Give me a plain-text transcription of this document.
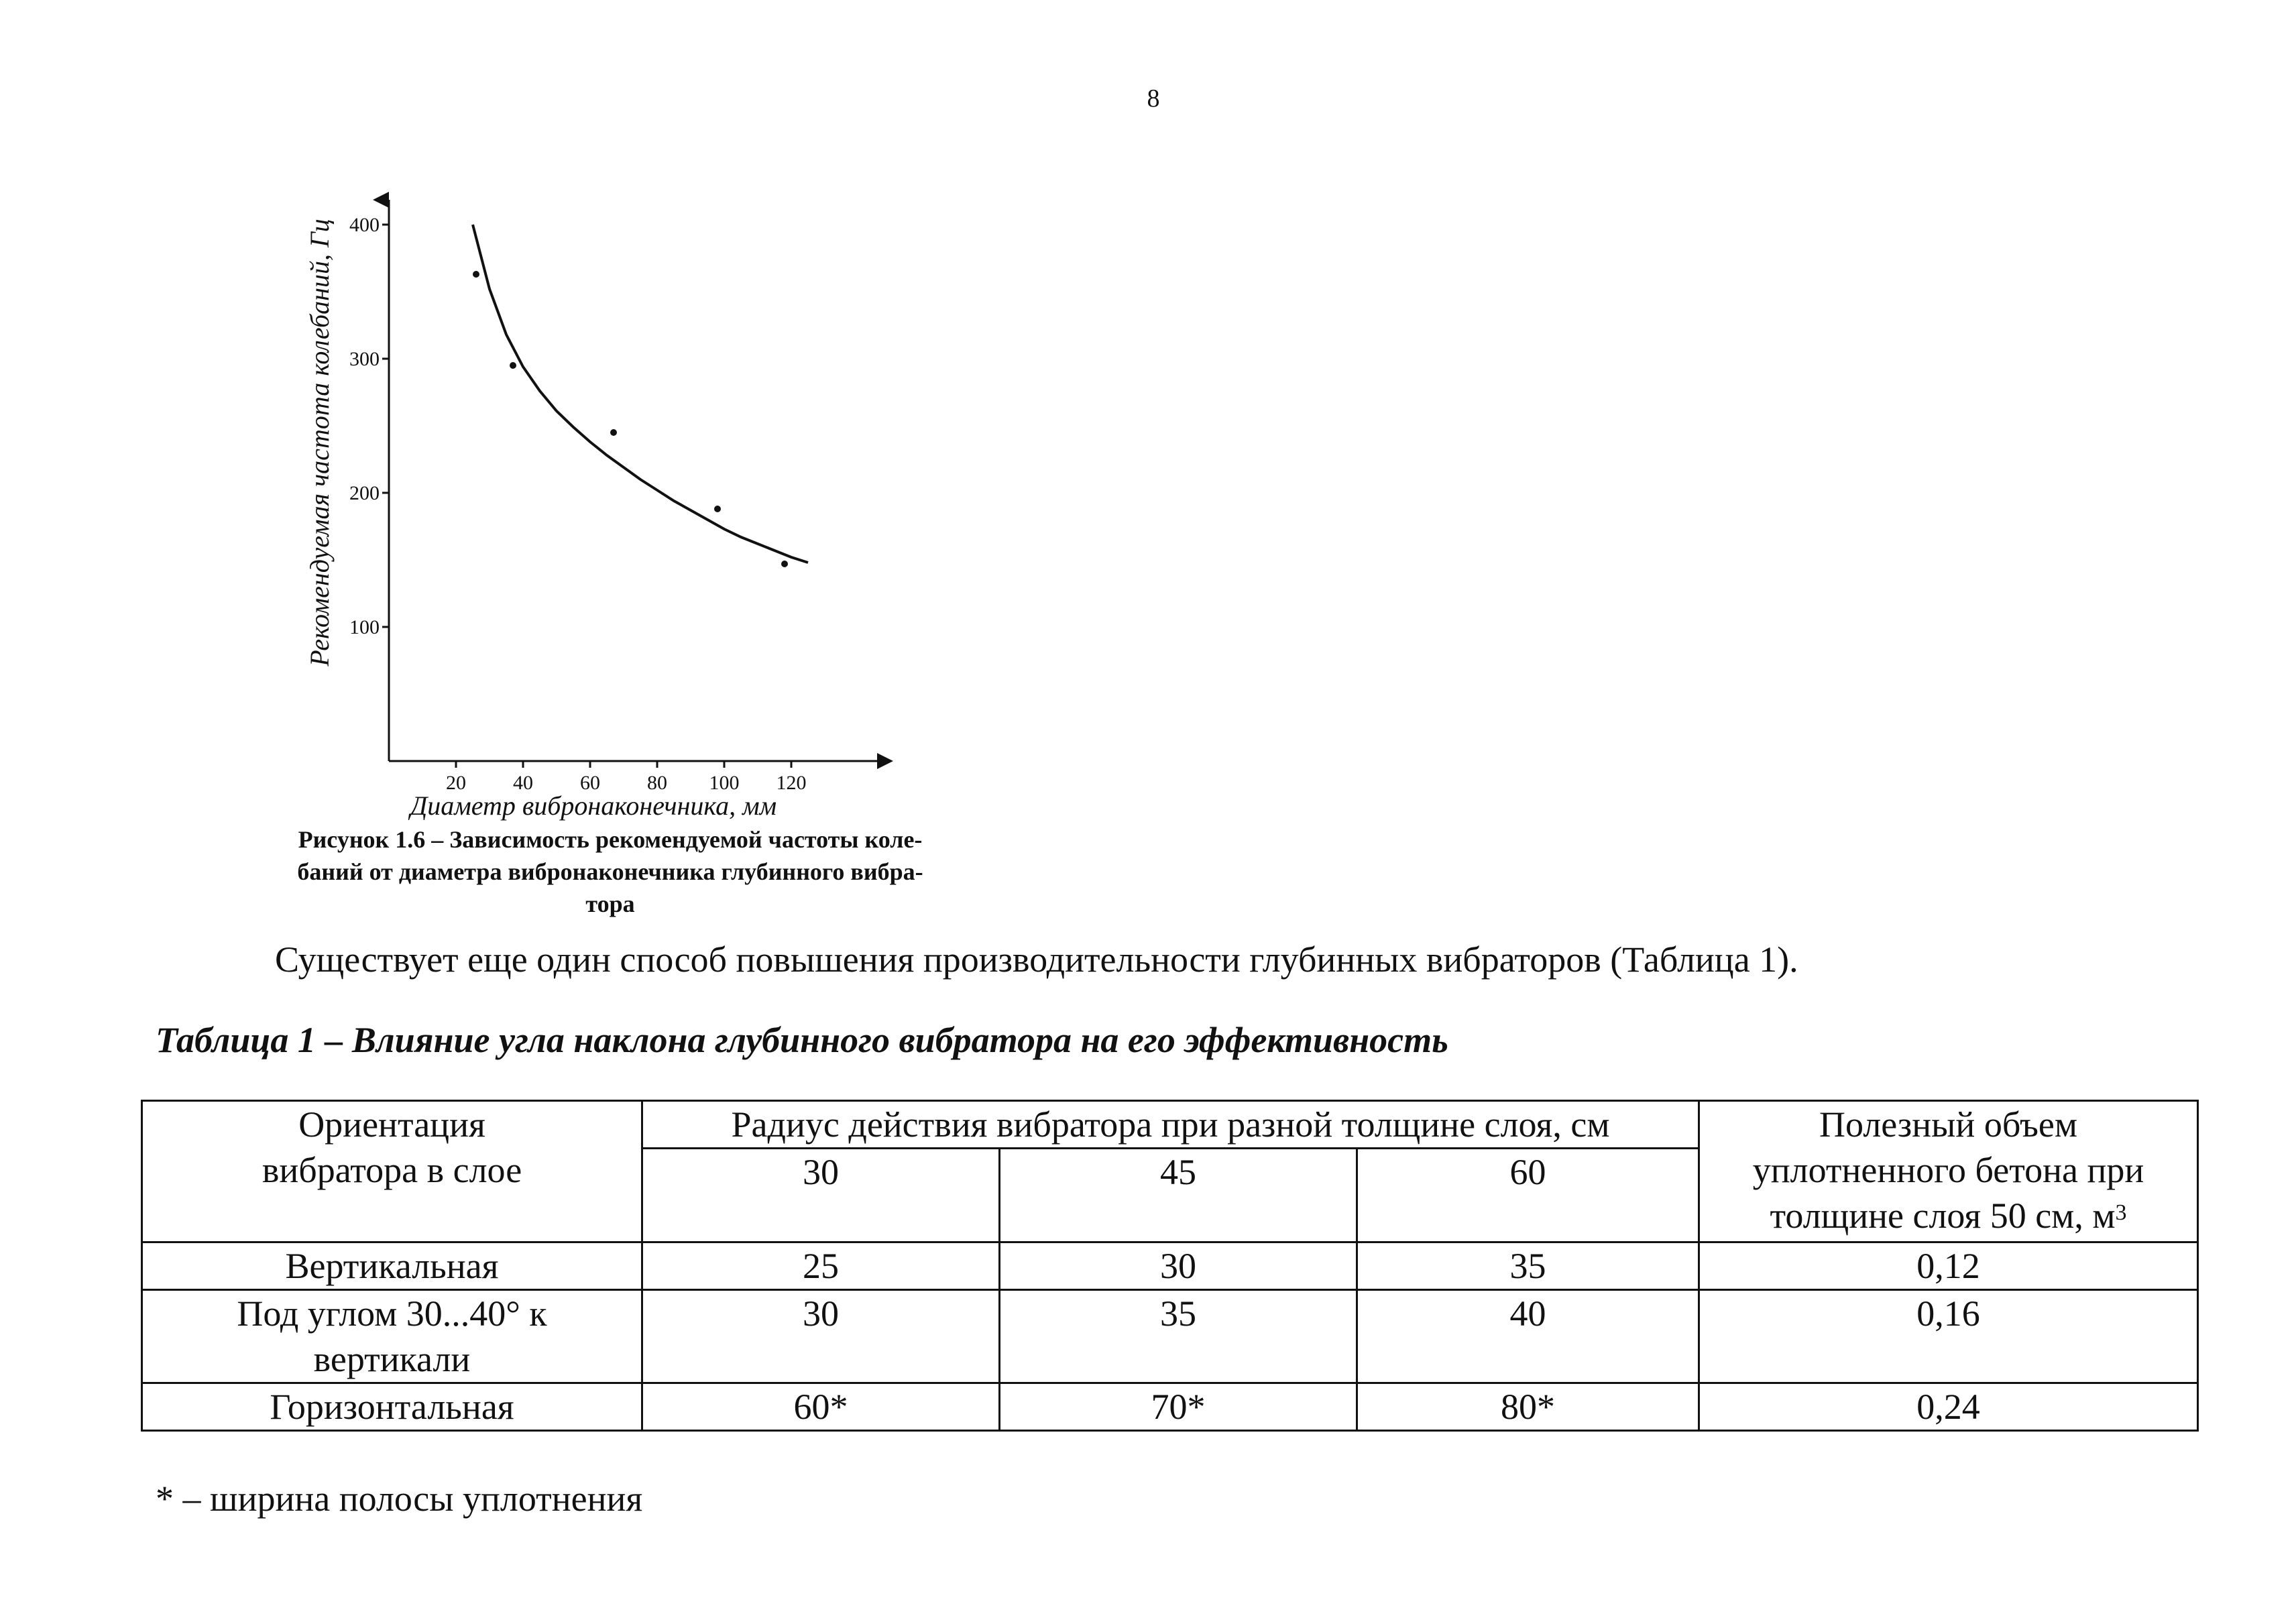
8
100
200
300
400
20 40 60 80 100 120
Рекомендуемая частота колебаний, Гц
Диаметр вибронаконечника, мм
Рисунок 1.6 – Зависимость рекомендуемой частоты коле-
баний от диаметра вибронаконечника глубинного вибра-
тора
Существует еще один способ повышения производительности глубинных вибраторов (Таблица 1).
Таблица 1 – Влияние угла наклона глубинного вибратора на его эффективность
Ориентация вибратора в слое	Радиус действия вибратора при разной толщине слоя, см			Полезный объем уплотненного бетона при толщине слоя 50 см, $м^3$
	30	45	60	
Вертикальная	25	30	35	0,12
Под углом 30...40° к вертикали	30	35	40	0,16
Горизонтальная	60*	70*	80*	0,24
* – ширина полосы уплотнения
